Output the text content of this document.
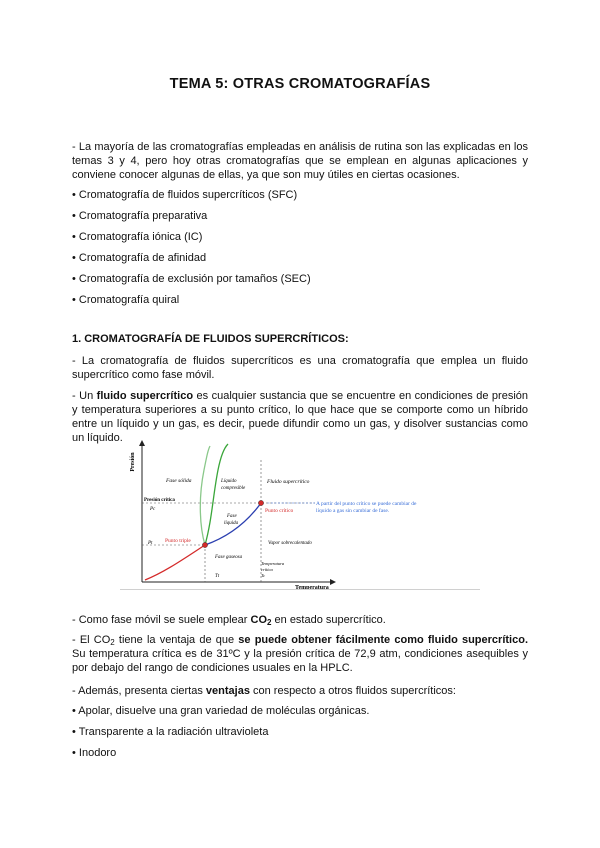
TEMA 5: OTRAS CROMATOGRAFÍAS

- La mayoría de las cromatografías empleadas en análisis de rutina son las explicadas en los temas 3 y 4, pero hoy otras cromatografías que se emplean en algunas aplicaciones y conviene conocer algunas de ellas, ya que son muy útiles en ciertas ocasiones.

• Cromatografía de fluidos supercríticos (SFC)

• Cromatografía preparativa

• Cromatografía iónica (IC)

• Cromatografía de afinidad

• Cromatografía de exclusión por tamaños (SEC)

• Cromatografía quiral

1. CROMATOGRAFÍA DE FLUIDOS SUPERCRÍTICOS:

- La cromatografía de fluidos supercríticos es una cromatografía que emplea un fluido supercrítico como fase móvil.

- Un fluido supercrítico es cualquier sustancia que se encuentre en condiciones de presión y temperatura superiores a su punto crítico, lo que hace que se comporte como un híbrido entre un líquido y un gas, es decir, puede difundir como un gas, y disolver sustancias como un líquido.

Presión
Temperatura
Fase sólida	Líquido
compresible
Fluido supercrítico
Presión crítica
Pc
Fase
líquida
Punto crítico
Punto triple
Pt	Vapor sobrecalentado
Fase gaseosa
Tt
Temperatura
crítica
Tc
A partir del punto crítico se puede cambiar de
líquido a gas sin cambiar de fase.

- Como fase móvil se suele emplear $CO_2$ en estado supercrítico.

- El $CO_2$ tiene la ventaja de que se puede obtener fácilmente como fluido supercrítico. Su temperatura crítica es de 31ºC y la presión crítica de 72,9 atm, condiciones asequibles y por debajo del rango de condiciones usuales en la HPLC.

- Además, presenta ciertas ventajas con respecto a otros fluidos supercríticos:

• Apolar, disuelve una gran variedad de moléculas orgánicas.

• Transparente a la radiación ultravioleta

• Inodoro
